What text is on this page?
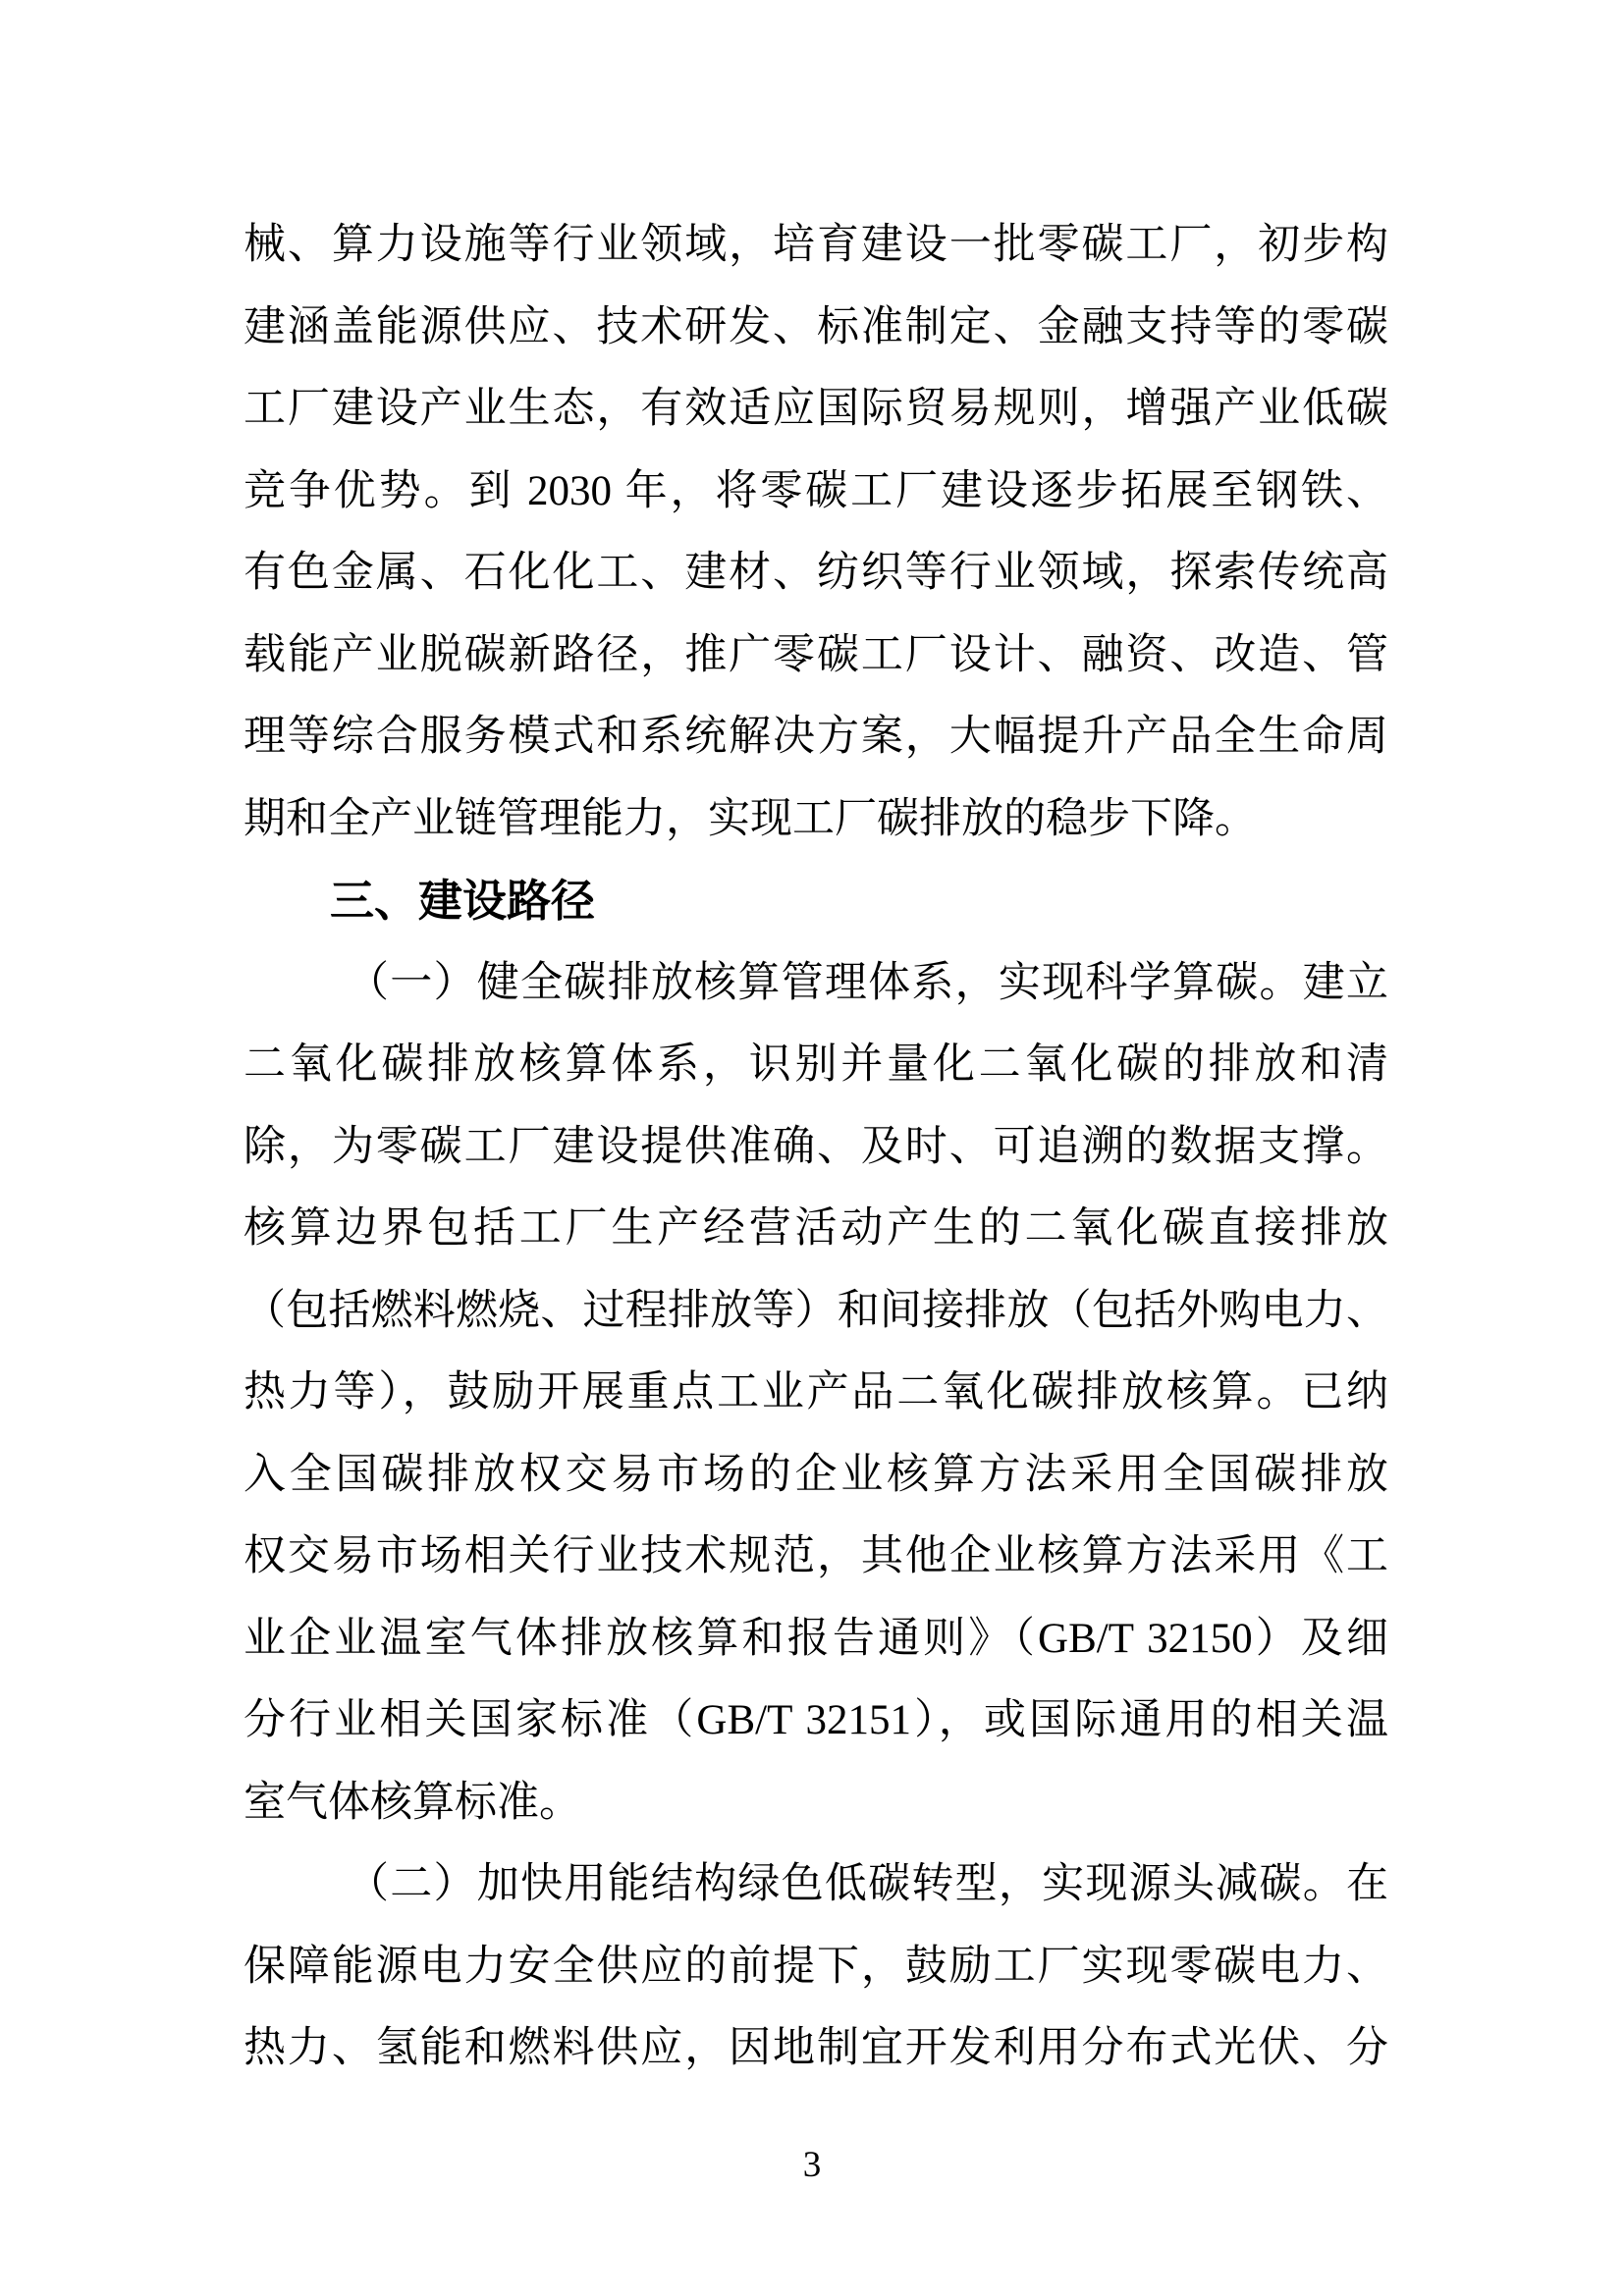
械、算力设施等行业领域，培育建设一批零碳工厂，初步构
建涵盖能源供应、技术研发、标准制定、金融支持等的零碳
工厂建设产业生态，有效适应国际贸易规则，增强产业低碳
竞争优势。到 2030 年，将零碳工厂建设逐步拓展至钢铁、
有色金属、石化化工、建材、纺织等行业领域，探索传统高
载能产业脱碳新路径，推广零碳工厂设计、融资、改造、管
理等综合服务模式和系统解决方案，大幅提升产品全生命周
期和全产业链管理能力，实现工厂碳排放的稳步下降。
三、建设路径
（一）健全碳排放核算管理体系，实现科学算碳。建立
二氧化碳排放核算体系，识别并量化二氧化碳的排放和清
除，为零碳工厂建设提供准确、及时、可追溯的数据支撑。
核算边界包括工厂生产经营活动产生的二氧化碳直接排放
（包括燃料燃烧、过程排放等）和间接排放（包括外购电力、
热力等），鼓励开展重点工业产品二氧化碳排放核算。已纳
入全国碳排放权交易市场的企业核算方法采用全国碳排放
权交易市场相关行业技术规范，其他企业核算方法采用《工
业企业温室气体排放核算和报告通则》（GB/T 32150）及细
分行业相关国家标准（GB/T 32151），或国际通用的相关温
室气体核算标准。
（二）加快用能结构绿色低碳转型，实现源头减碳。在
保障能源电力安全供应的前提下，鼓励工厂实现零碳电力、
热力、氢能和燃料供应，因地制宜开发利用分布式光伏、分
3
